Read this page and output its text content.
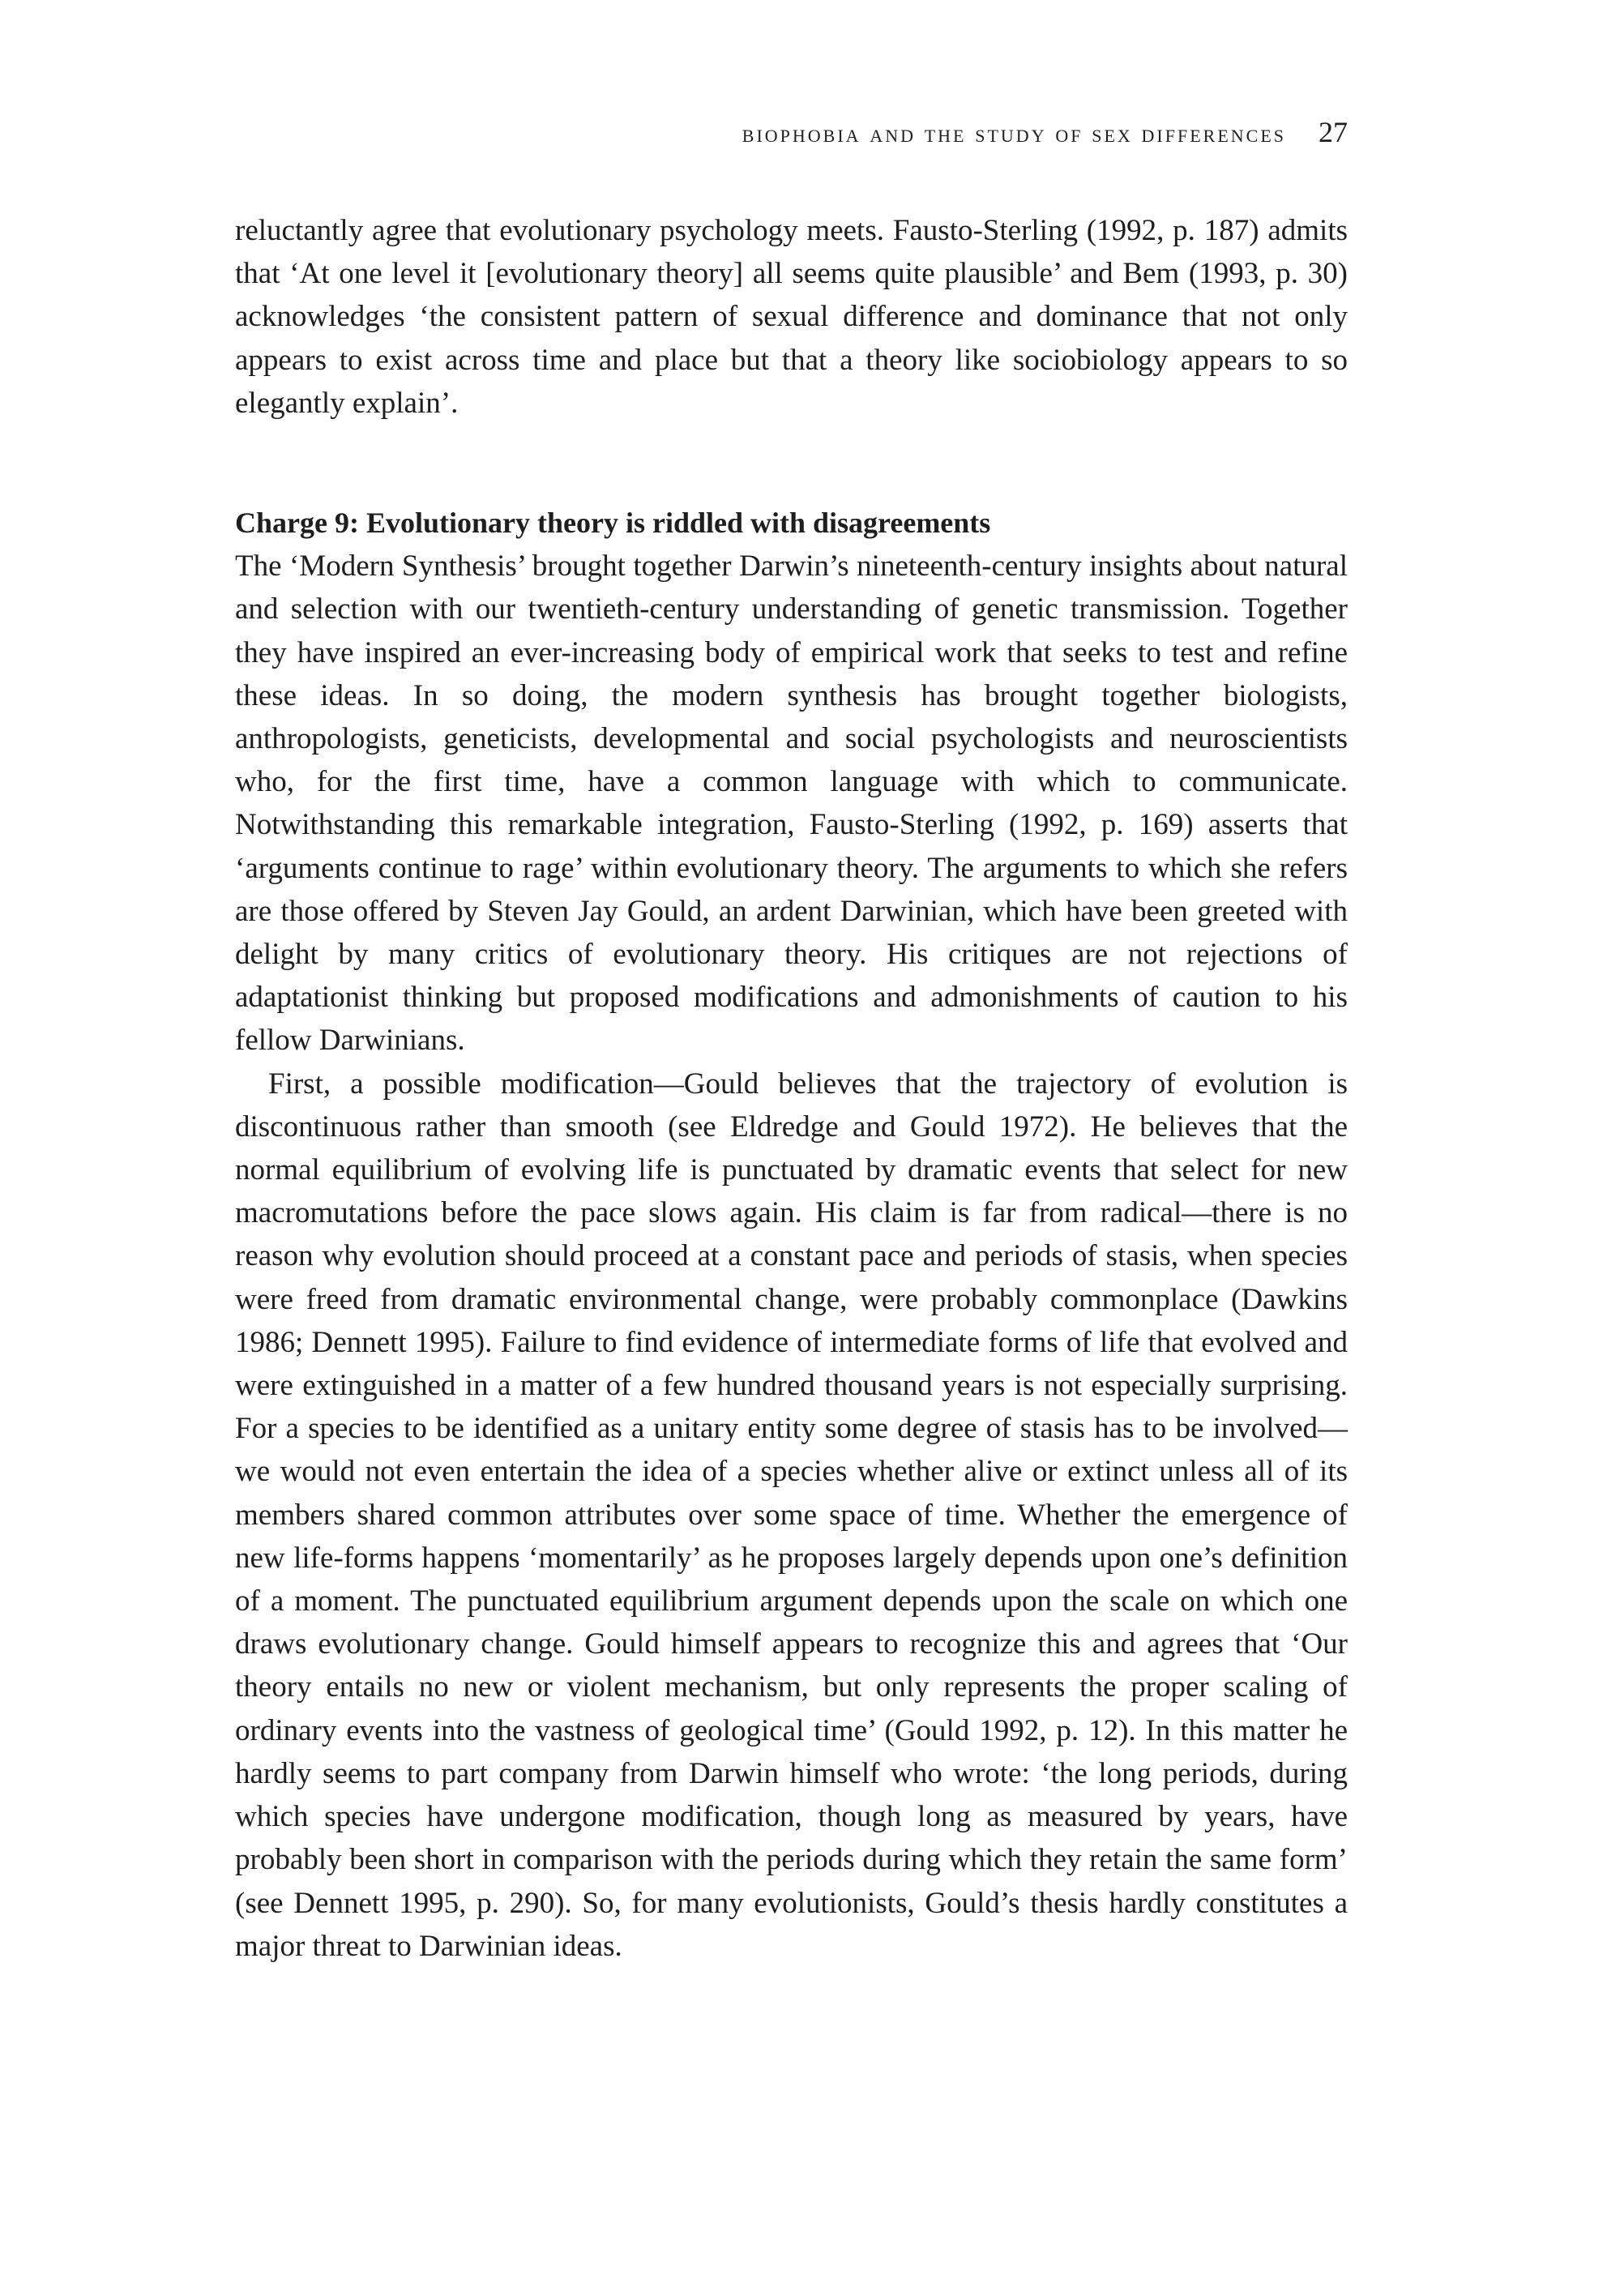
biophobia and the study of sex differences 27

reluctantly agree that evolutionary psychology meets. Fausto-Sterling (1992, p. 187) admits that ‘At one level it [evolutionary theory] all seems quite plausible’ and Bem (1993, p. 30) acknowledges ‘the consistent pattern of sexual difference and dominance that not only appears to exist across time and place but that a theory like sociobiology appears to so elegantly explain’.

Charge 9: Evolutionary theory is riddled with disagreements

The ‘Modern Synthesis’ brought together Darwin’s nineteenth-century insights about natural and selection with our twentieth-century understanding of genetic transmission. Together they have inspired an ever-increasing body of empirical work that seeks to test and refine these ideas. In so doing, the modern synthesis has brought together biologists, anthropologists, geneticists, developmental and social psychologists and neuroscientists who, for the first time, have a common language with which to communicate. Notwithstanding this remarkable integration, Fausto-Sterling (1992, p. 169) asserts that ‘arguments continue to rage’ within evolutionary theory. The arguments to which she refers are those offered by Steven Jay Gould, an ardent Darwinian, which have been greeted with delight by many critics of evolutionary theory. His critiques are not rejections of adaptationist thinking but proposed modifications and admonishments of caution to his fellow Darwinians.

First, a possible modification—Gould believes that the trajectory of evolution is discontinuous rather than smooth (see Eldredge and Gould 1972). He believes that the normal equilibrium of evolving life is punctuated by dramatic events that select for new macromutations before the pace slows again. His claim is far from radical—there is no reason why evolution should proceed at a constant pace and periods of stasis, when species were freed from dramatic environmental change, were probably commonplace (Dawkins 1986; Dennett 1995). Failure to find evidence of intermediate forms of life that evolved and were extinguished in a matter of a few hundred thousand years is not especially surprising. For a species to be identified as a unitary entity some degree of stasis has to be involved—we would not even entertain the idea of a species whether alive or extinct unless all of its members shared common attributes over some space of time. Whether the emergence of new life-forms happens ‘momentarily’ as he proposes largely depends upon one’s definition of a moment. The punctuated equilibrium argument depends upon the scale on which one draws evolutionary change. Gould himself appears to recognize this and agrees that ‘Our theory entails no new or violent mechanism, but only represents the proper scaling of ordinary events into the vastness of geological time’ (Gould 1992, p. 12). In this matter he hardly seems to part company from Darwin himself who wrote: ‘the long periods, during which species have undergone modification, though long as measured by years, have probably been short in comparison with the periods during which they retain the same form’ (see Dennett 1995, p. 290). So, for many evolutionists, Gould’s thesis hardly constitutes a major threat to Darwinian ideas.
